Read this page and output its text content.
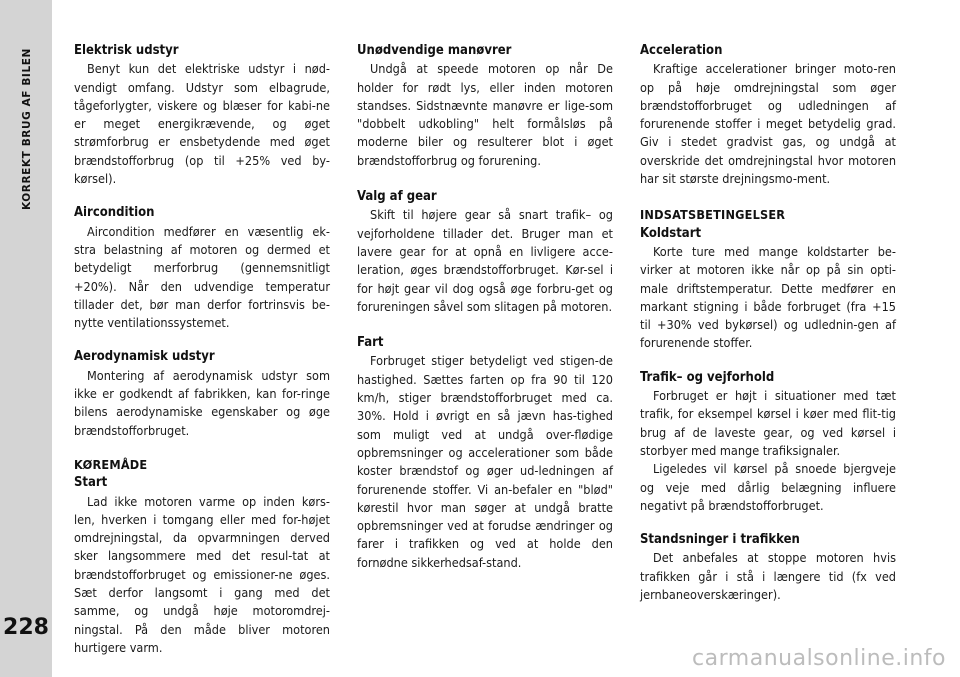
KORREKT BRUG AF BILEN
228
Elektrisk udstyr

Benyt kun det elektriske udstyr i nød-vendigt omfang. Udstyr som elbagrude, tågeforlygter, viskere og blæser for kabi-ne er meget energikrævende, og øget strømforbrug er ensbetydende med øget brændstofforbrug (op til +25% ved by-kørsel).

Aircondition

Aircondition medfører en væsentlig ek-stra belastning af motoren og dermed et betydeligt merforbrug (gennemsnitligt +20%). Når den udvendige temperatur tillader det, bør man derfor fortrinsvis be-nytte ventilationssystemet.

Aerodynamisk udstyr

Montering af aerodynamisk udstyr som ikke er godkendt af fabrikken, kan for-ringe bilens aerodynamiske egenskaber og øge brændstofforbruget.

KØREMÅDE
Start

Lad ikke motoren varme op inden kørs-len, hverken i tomgang eller med for-højet omdrejningstal, da opvarmningen derved sker langsommere med det resul-tat at brændstofforbruget og emissioner-ne øges. Sæt derfor langsomt i gang med det samme, og undgå høje motoromdrej-ningstal. På den måde bliver motoren hurtigere varm.

Unødvendige manøvrer

Undgå at speede motoren op når De holder for rødt lys, eller inden motoren standses. Sidstnævnte manøvre er lige-som "dobbelt udkobling" helt formålsløs på moderne biler og resulterer blot i øget brændstofforbrug og forurening.

Valg af gear

Skift til højere gear så snart trafik– og vejforholdene tillader det. Bruger man et lavere gear for at opnå en livligere acce-leration, øges brændstofforbruget. Kør-sel i for højt gear vil dog også øge forbru-get og forureningen såvel som slitagen på motoren.

Fart

Forbruget stiger betydeligt ved stigen-de hastighed. Sættes farten op fra 90 til 120 km/h, stiger brændstofforbruget med ca. 30%. Hold i øvrigt en så jævn has-tighed som muligt ved at undgå over-flødige opbremsninger og accelerationer som både koster brændstof og øger ud-ledningen af forurenende stoffer. Vi an-befaler en "blød" kørestil hvor man søger at undgå bratte opbremsninger ved at forudse ændringer og farer i trafikken og ved at holde den fornødne sikkerhedsaf-stand.

Acceleration

Kraftige accelerationer bringer moto-ren op på høje omdrejningstal som øger brændstofforbruget og udledningen af forurenende stoffer i meget betydelig grad. Giv i stedet gradvist gas, og undgå at overskride det omdrejningstal hvor motoren har sit største drejningsmo-ment.

INDSATSBETINGELSER
Koldstart

Korte ture med mange koldstarter be-virker at motoren ikke når op på sin opti-male driftstemperatur. Dette medfører en markant stigning i både forbruget (fra +15 til +30% ved bykørsel) og udlednin-gen af forurenende stoffer.

Trafik– og vejforhold

Forbruget er højt i situationer med tæt trafik, for eksempel kørsel i køer med flit-tig brug af de laveste gear, og ved kørsel i storbyer med mange trafiksignaler.

Ligeledes vil kørsel på snoede bjergveje og veje med dårlig belægning influere negativt på brændstofforbruget.

Standsninger i trafikken

Det anbefales at stoppe motoren hvis trafikken går i stå i længere tid (fx ved jernbaneoverskæringer).

carmanualsonline.info
